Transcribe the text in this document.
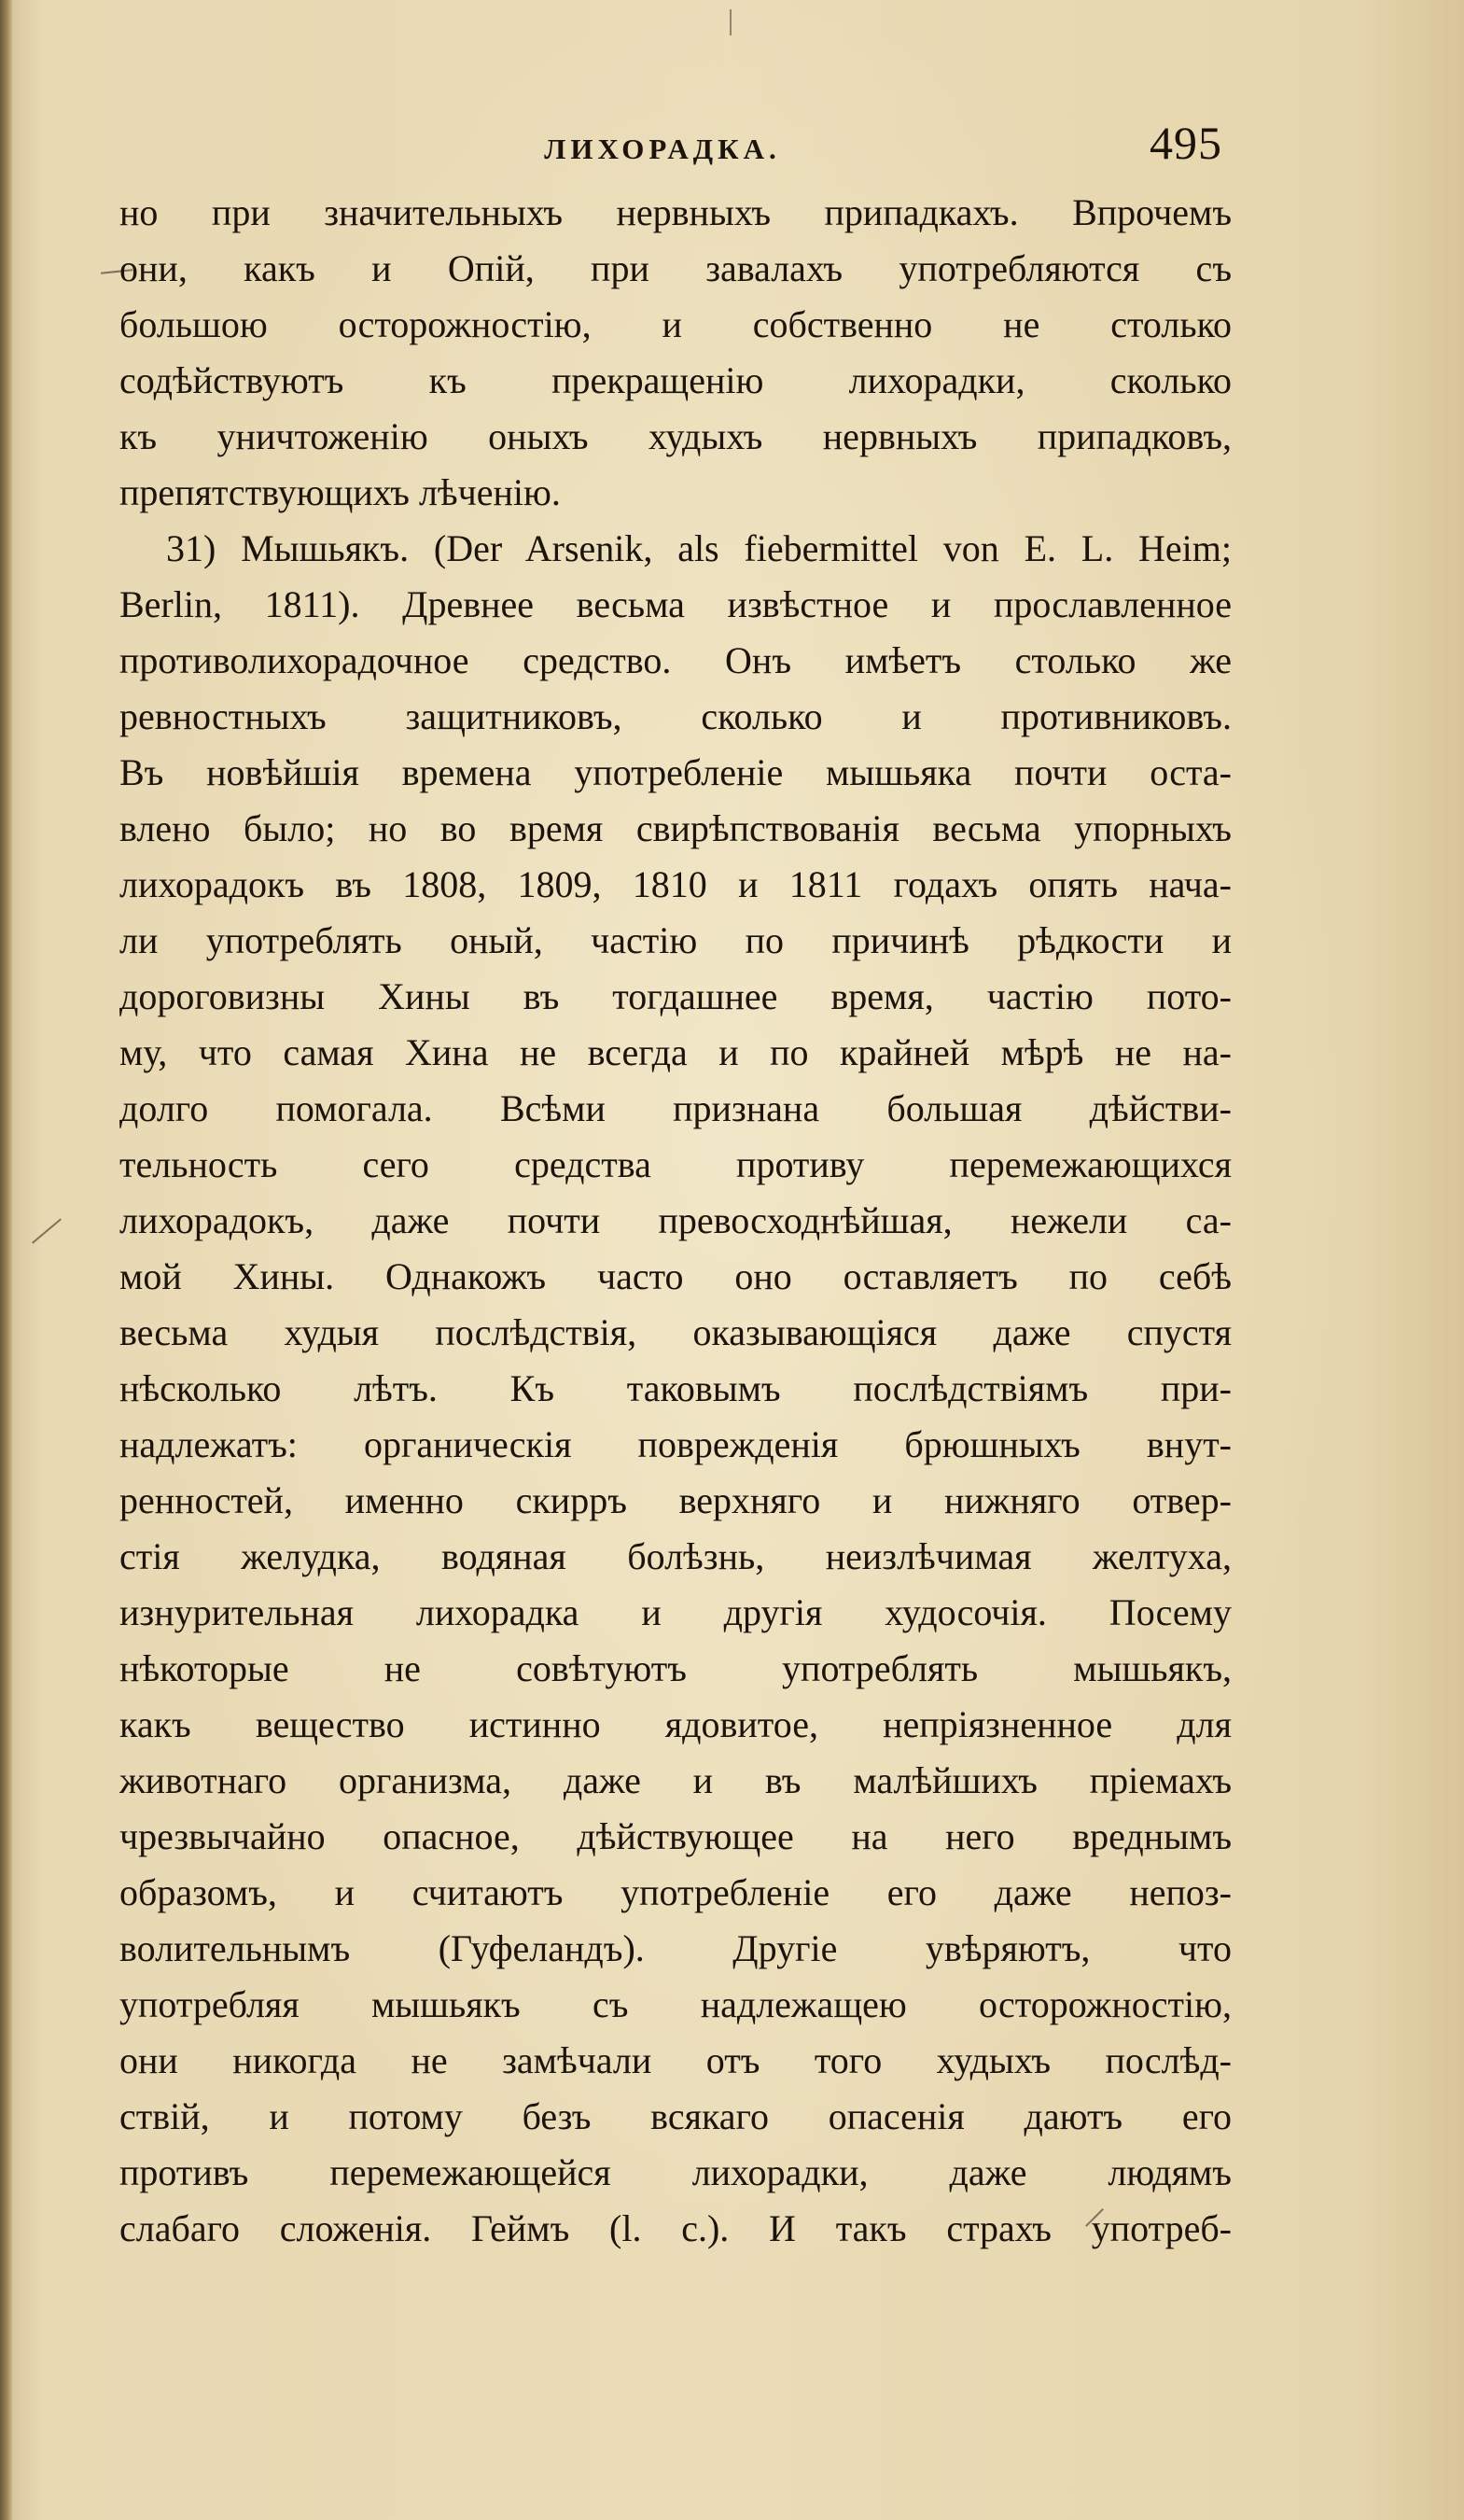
ЛИХОРАДКА.	495
но при значительныхъ нервныхъ припадкахъ. Впрочемъ
они, какъ и Опiй, при завалахъ употребляются съ
большою осторожностiю, и собственно не столько
содѣйствуютъ къ прекращенiю лихорадки, сколько
къ уничтоженiю оныхъ худыхъ нервныхъ припадковъ,
препятствующихъ лѣченiю.
31) Мышьякъ. (Der Arsenik, als fiebermittel von E. L. Heim;
Berlin, 1811). Древнее весьма извѣстное и прославленное
противолихорадочное средство. Онъ имѣетъ столько же
ревностныхъ защитниковъ, сколько и противниковъ.
Въ новѣйшiя времена употребленiе мышьяка почти оста-
влено было; но во время свирѣпствованiя весьма упорныхъ
лихорадокъ въ 1808, 1809, 1810 и 1811 годахъ опять нача-
ли употреблять оный, частiю по причинѣ рѣдкости и
дороговизны Хины въ тогдашнее время, частiю пото-
му, что самая Хина не всегда и по крайней мѣрѣ не на-
долго помогала. Всѣми признана большая дѣйстви-
тельность сего средства противу перемежающихся
лихорадокъ, даже почти превосходнѣйшая, нежели са-
мой Хины. Однакожъ часто оно оставляетъ по себѣ
весьма худыя послѣдствiя, оказывающiяся даже спустя
нѣсколько лѣтъ. Къ таковымъ послѣдствiямъ при-
надлежатъ: органическiя поврежденiя брюшныхъ внут-
ренностей, именно скирръ верхняго и нижняго отвер-
стiя желудка, водяная болѣзнь, неизлѣчимая желтуха,
изнурительная лихорадка и другiя худосочiя. Посему
нѣкоторые не совѣтуютъ употреблять мышьякъ,
какъ вещество истинно ядовитое, непрiязненное для
животнаго организма, даже и въ малѣйшихъ прiемахъ
чрезвычайно опасное, дѣйствующее на него вреднымъ
образомъ, и считаютъ употребленiе его даже непоз-
волительнымъ (Гуфеландъ). Другiе увѣряютъ, что
употребляя мышьякъ съ надлежащею осторожностiю,
они никогда не замѣчали отъ того худыхъ послѣд-
ствiй, и потому безъ всякаго опасенiя даютъ его
противъ перемежающейся лихорадки, даже людямъ
слабаго сложенiя. Геймъ (l. c.). И такъ страхъ употреб-
